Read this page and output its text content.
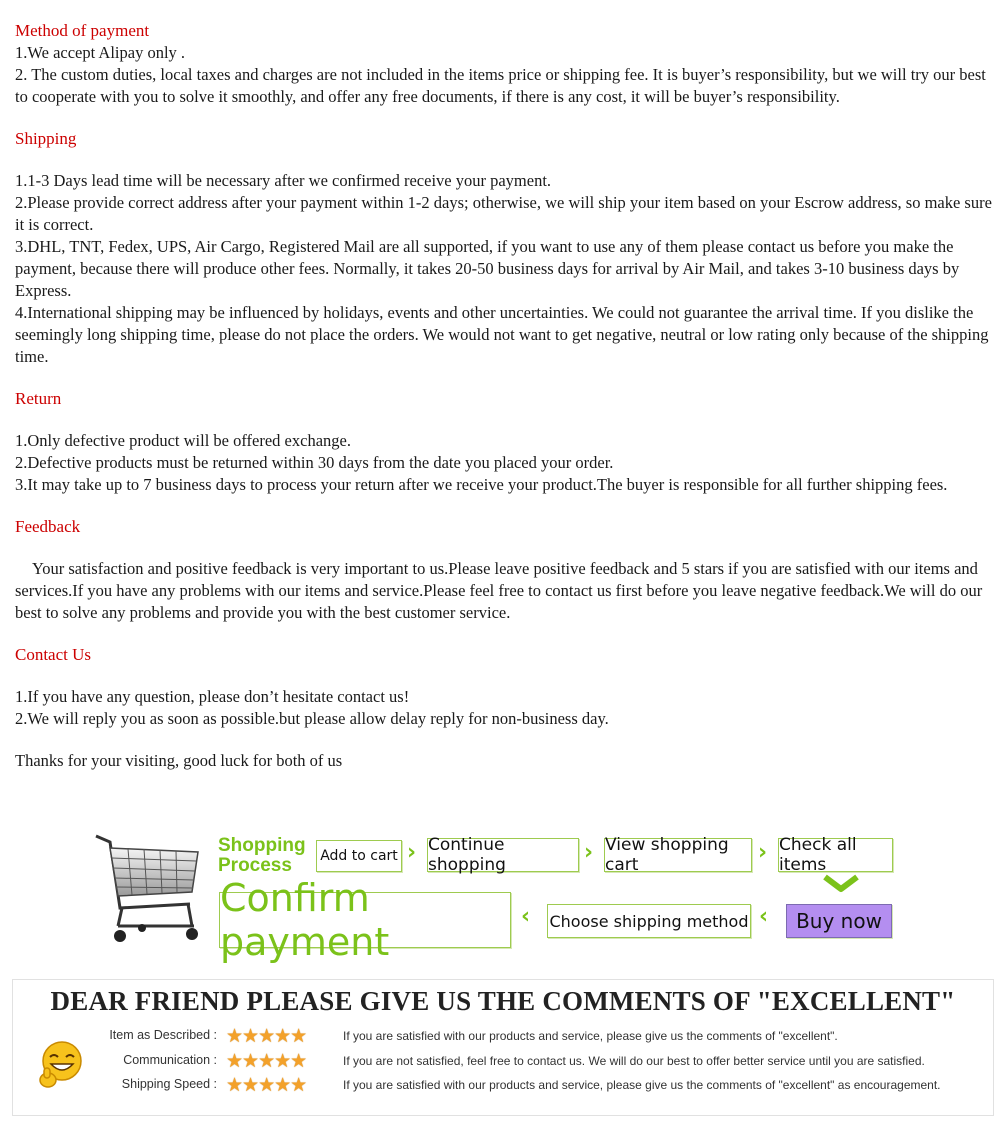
Method of payment

1.We accept Alipay only .

2. The custom duties, local taxes and charges are not included in the items price or shipping fee. It is buyer’s responsibility, but we will try our best to cooperate with you to solve it smoothly, and offer any free documents, if there is any cost, it will be buyer’s responsibility.

Shipping

1.1-3 Days lead time will be necessary after we confirmed receive your payment.

2.Please provide correct address after your payment within 1-2 days; otherwise, we will ship your item based on your Escrow address, so make sure it is correct.

3.DHL, TNT, Fedex, UPS, Air Cargo, Registered Mail are all supported, if you want to use any of them please contact us before you make the payment, because there will produce other fees. Normally, it takes 20-50 business days for arrival by Air Mail, and takes 3-10 business days by Express.

4.International shipping may be influenced by holidays, events and other uncertainties. We could not guarantee the arrival time. If you dislike the seemingly long shipping time, please do not place the orders. We would not want to get negative, neutral or low rating only because of the shipping time.

Return

1.Only defective product will be offered exchange.

2.Defective products must be returned within 30 days from the date you placed your order.

3.It may take up to 7 business days to process your return after we receive your product.The buyer is responsible for all further shipping fees.

Feedback

Your satisfaction and positive feedback is very important to us.Please leave positive feedback and 5 stars if you are satisfied with our items and services.If you have any problems with our items and service.Please feel free to contact us first before you leave negative feedback.We will do our best to solve any problems and provide you with the best customer service.

Contact Us

1.If you have any question, please don’t hesitate contact us!

2.We will reply you as soon as possible.but please allow delay reply for non-business day.

Thanks for your visiting, good luck for both of us

Shopping
Process	Add to cart › Continue shopping	› View shopping cart	› Check all items
Confirm payment
‹ Choose shipping method ‹	Buy now
DEAR FRIEND PLEASE GIVE US THE COMMENTS OF "EXCELLENT"
Item as Described : ★★★★★	If you are satisfied with our products and service, please give us the comments of "excellent".
Communication : ★★★★★	If you are not satisfied, feel free to contact us. We will do our best to offer better service until you are satisfied.
Shipping Speed : ★★★★★	If you are satisfied with our products and service, please give us the comments of "excellent" as encouragement.
